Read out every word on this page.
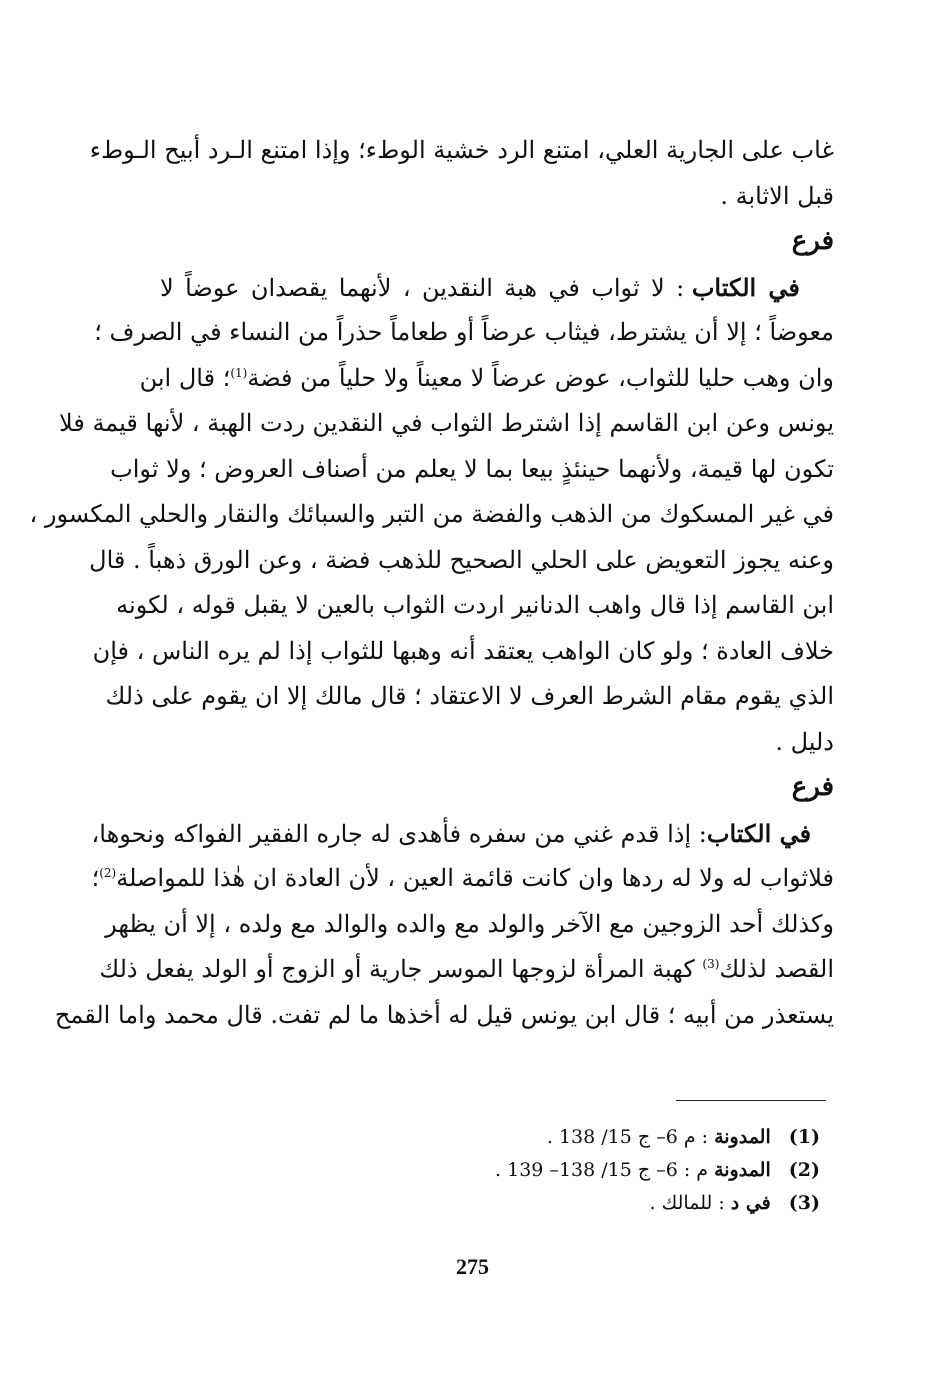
غاب على الجارية العلي، امتنع الرد خشية الوطء؛ وإذا امتنع الـرد أبيح الـوطء
قبل الاثابة .
فرع
في الكتاب : لا ثواب في هبة النقدين ، لأنهما يقصدان عوضاً لا
معوضاً ؛ إلا أن يشترط، فيثاب عرضاً أو طعاماً حذراً من النساء في الصرف ؛
وان وهب حليا للثواب، عوض عرضاً لا معيناً ولا حلياً من فضة$^{(1)}$؛ قال ابن
يونس وعن ابن القاسم إذا اشترط الثواب في النقدين ردت الهبة ، لأنها قيمة فلا
تكون لها قيمة، ولأنهما حينئذٍ بيعا بما لا يعلم من أصناف العروض ؛ ولا ثواب
في غير المسكوك من الذهب والفضة من التبر والسبائك والنقار والحلي المكسور ،
وعنه يجوز التعويض على الحلي الصحيح للذهب فضة ، وعن الورق ذهباً . قال
ابن القاسم إذا قال واهب الدنانير اردت الثواب بالعين لا يقبل قوله ، لكونه
خلاف العادة ؛ ولو كان الواهب يعتقد أنه وهبها للثواب إذا لم يره الناس ، فإن
الذي يقوم مقام الشرط العرف لا الاعتقاد ؛ قال مالك إلا ان يقوم على ذلك
دليل .
فرع
في الكتاب: إذا قدم غني من سفره فأهدى له جاره الفقير الفواكه ونحوها،
فلاثواب له ولا له ردها وان كانت قائمة العين ، لأن العادة ان هٰذا للمواصلة$^{(2)}$؛
وكذلك أحد الزوجين مع الآخر والولد مع والده والوالد مع ولده ، إلا أن يظهر
القصد لذلك$^{(3)}$ كهبة المرأة لزوجها الموسر جارية أو الزوج أو الولد يفعل ذلك
يستعذر من أبيه ؛ قال ابن يونس قيل له أخذها ما لم تفت. قال محمد واما القمح
(1)المدونة : م 6– ج 15/ 138 .
(2)المدونة م : 6– ج 15/ 138– 139 .
(3)في د : للمالك .
275
